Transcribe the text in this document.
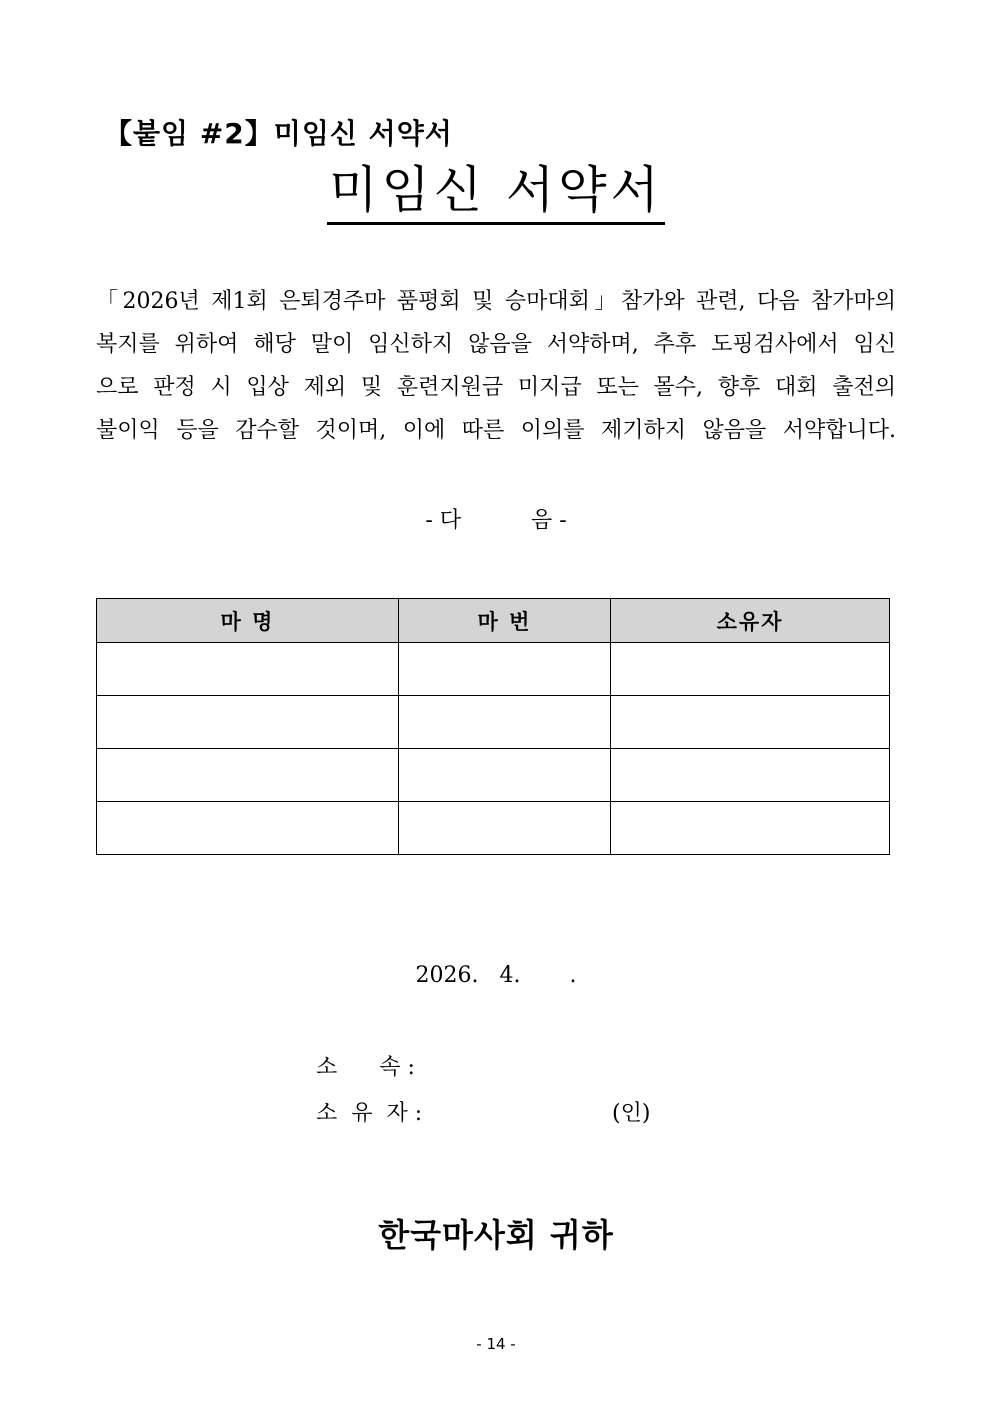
【붙임 #2】미임신 서약서
미임신 서약서
「2026년 제1회 은퇴경주마 품평회 및 승마대회」참가와 관련, 다음 참가마의
복지를 위하여 해당 말이 임신하지 않음을 서약하며, 추후 도핑검사에서 임신
으로 판정 시 입상 제외 및 훈련지원금 미지급 또는 몰수, 향후 대회 출전의
불이익 등을 감수할 것이며, 이에 따른 이의를 제기하지 않음을 서약합니다.
- 다          음 -
마 명	마 번	소유자

2026.   4.       .
소      속 :
소  유  자 :	(인)
한국마사회 귀하
- 14 -
